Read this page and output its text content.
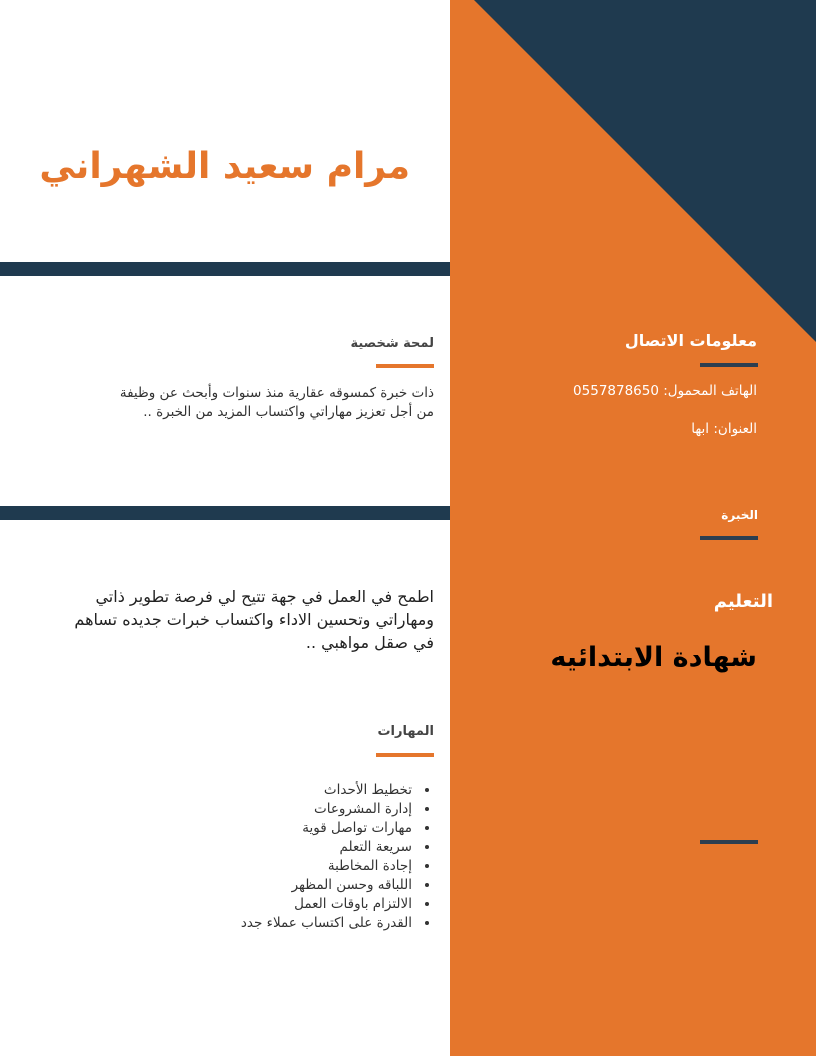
مرام سعيد الشهراني
لمحة شخصية
ذات خبرة كمسوقه عقارية منذ سنوات وأبحث عن وظيفة
من أجل تعزيز مهاراتي واكتساب المزيد من الخبرة ..
اطمح في العمل في جهة تتيح لي فرصة تطوير ذاتي
ومهاراتي وتحسين الاداء واكتساب خبرات جديده تساهم
في صقل مواهبي ..
المهارات
• تخطيط الأحداث
• إدارة المشروعات
• مهارات تواصل قوية
• سريعة التعلم
• إجادة المخاطبة
• اللباقه وحسن المظهر
• الالتزام باوقات العمل
• القدرة على اكتساب عملاء جدد
معلومات الاتصال
الهاتف المحمول: 0557878650
العنوان: ابها
الخبرة
التعليم
شهادة الابتدائيه
